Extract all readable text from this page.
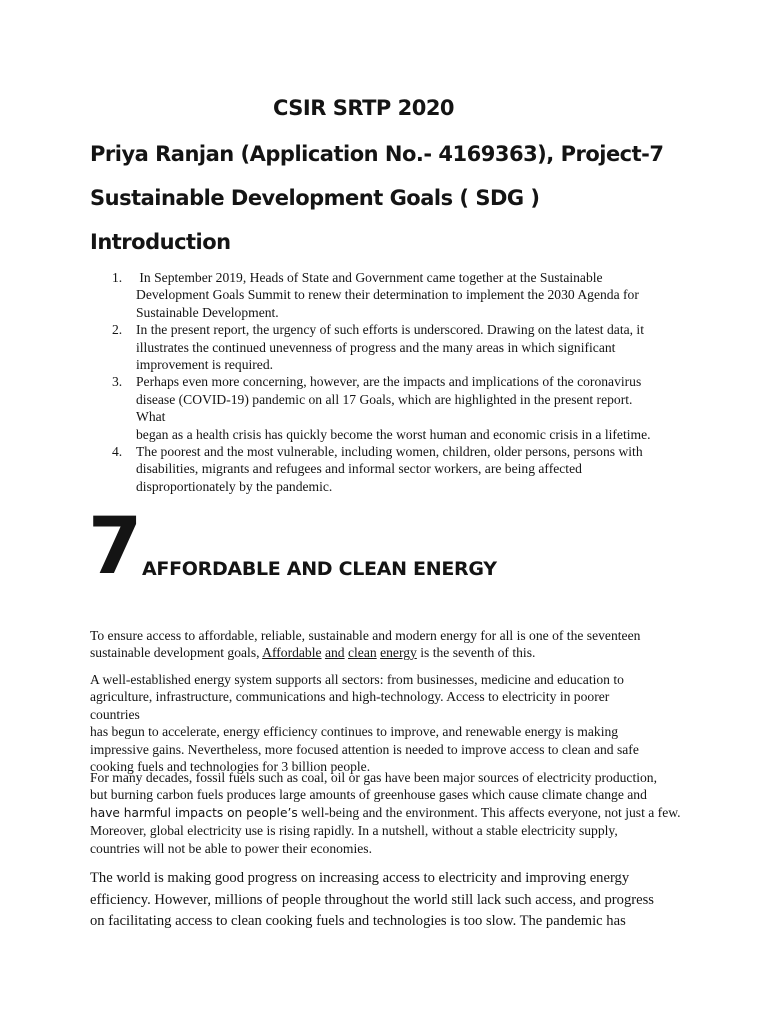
CSIR SRTP 2020
Priya Ranjan (Application No.- 4169363), Project-7
Sustainable Development Goals ( SDG )
Introduction
1. In September 2019, Heads of State and Government came together at the Sustainable
Development Goals Summit to renew their determination to implement the 2030 Agenda for
Sustainable Development.
2. In the present report, the urgency of such efforts is underscored. Drawing on the latest data, it
illustrates the continued unevenness of progress and the many areas in which significant
improvement is required.
3. Perhaps even more concerning, however, are the impacts and implications of the coronavirus
disease (COVID-19) pandemic on all 17 Goals, which are highlighted in the present report. What
began as a health crisis has quickly become the worst human and economic crisis in a lifetime.
4. The poorest and the most vulnerable, including women, children, older persons, persons with
disabilities, migrants and refugees and informal sector workers, are being affected
disproportionately by the pandemic.
7 AFFORDABLE AND CLEAN ENERGY
To ensure access to affordable, reliable, sustainable and modern energy for all is one of the seventeen
sustainable development goals, Affordable and clean energy is the seventh of this.
A well-established energy system supports all sectors: from businesses, medicine and education to
agriculture, infrastructure, communications and high-technology. Access to electricity in poorer countries
has begun to accelerate, energy efficiency continues to improve, and renewable energy is making
impressive gains. Nevertheless, more focused attention is needed to improve access to clean and safe
cooking fuels and technologies for 3 billion people.
For many decades, fossil fuels such as coal, oil or gas have been major sources of electricity production,
but burning carbon fuels produces large amounts of greenhouse gases which cause climate change and
have harmful impacts on people’s well-being and the environment. This affects everyone, not just a few.
Moreover, global electricity use is rising rapidly. In a nutshell, without a stable electricity supply,
countries will not be able to power their economies.
The world is making good progress on increasing access to electricity and improving energy
efficiency. However, millions of people throughout the world still lack such access, and progress
on facilitating access to clean cooking fuels and technologies is too slow. The pandemic has
